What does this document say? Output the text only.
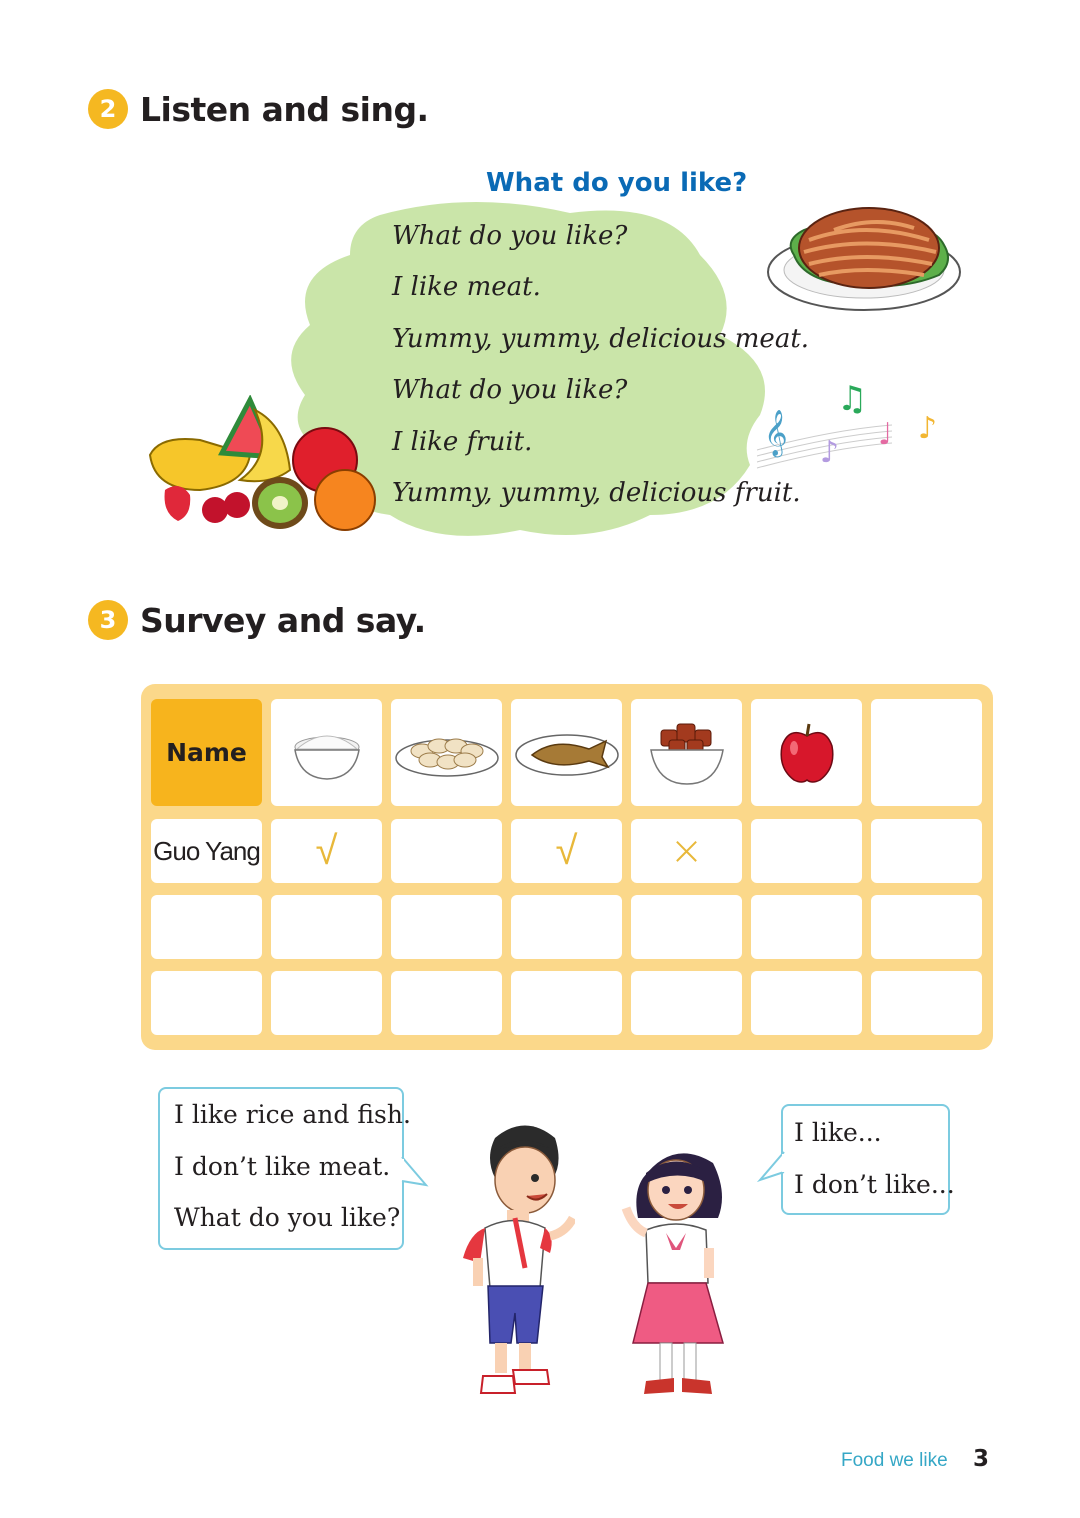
2 Listen and sing.
What do you like?
What do you like?
I like meat.
Yummy, yummy, delicious meat.
What do you like?
I like fruit.
Yummy, yummy, delicious fruit.
𝄞
♫
♪
♩ ♪
3 Survey and say.
Name
Guo Yang √	√ ×
I like rice and fish.
I don’t like meat.
What do you like?
I like...
I don’t like...
Food we like 3
